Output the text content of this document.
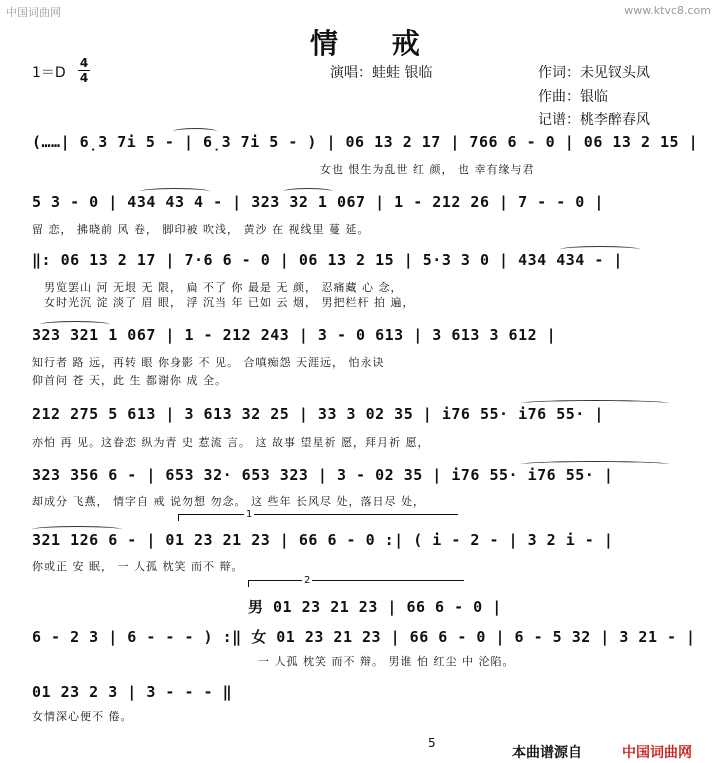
中国词曲网	www.ktvc8.com
情 戒
1＝D
4
4	演唱：蛙蛙 银临	作词：未见钗头凤
作曲：银临
记谱：桃李醉春风
(……| 6̣3 7i 5 - | 6̣3 7i 5 - ) | 06 13 2 17 | 766 6 - 0 | 06 13 2 15 |
女也 恨生为乱世 红 颜， 也 幸有缘与君
5 3 - 0 | 434 43 4 - | 323 32 1 067 | 1 - 212 26 | 7 - - 0 |
留 恋， 拂晓前 风 卷， 脚印被 吹浅， 黄沙 在 视线里 蔓 延。
‖: 06 13 2 17 | 7·6 6 - 0 | 06 13 2 15 | 5·3 3 0 | 434 434 - |
男览罢山 河 无垠 无 限， 扁 不了 你 最是 无 颜， 忍痛藏 心 念，
女时光沉 淀 淡了 眉 眼， 浮 沉当 年 已如 云 烟， 男把栏杆 拍 遍，
323 321 1 067 | 1 - 212 243 | 3 - 0 613 | 3 613 3 612 |
知行者 路 远，再转 眼 你身影 不 见。 合嗔痴怨 天涯远， 怕永诀
仰首问 苍 天，此 生 都谢你 成 全。
212 275 5 613 | 3 613 32 25 | 33 3 02 35 | i76 55· i76 55· |
亦怕 再 见。这眷恋 纵为青 史 惹流 言。 这 故事 望星祈 愿，拜月祈 愿，
323 356 6 - | 653 32· 653 323 | 3 - 02 35 | i76 55· i76 55· |
却成分 飞燕， 情字自 戒 说勿想 勿念。 这 些年 长风尽 处，落日尽 处，
1
321 126 6 - | 01 23 21 23 | 66 6 - 0 :| ( i - 2 - | 3 2 i - |
你或正 安 眠， 一 人孤 枕笑 而不 辩。
2
男 01 23 21 23 | 66 6 - 0 |
6 - 2 3 | 6 - - - ) :‖ 女 01 23 21 23 | 66 6 - 0 | 6 - 5 32 | 3 21 - |
一 人孤 枕笑 而不 辩。 男谁 怕 红尘 中 沦陷。
01 23 2 3 | 3 - - - ‖
女情深心便不 倦。
5
本曲谱源自	中国词曲网
